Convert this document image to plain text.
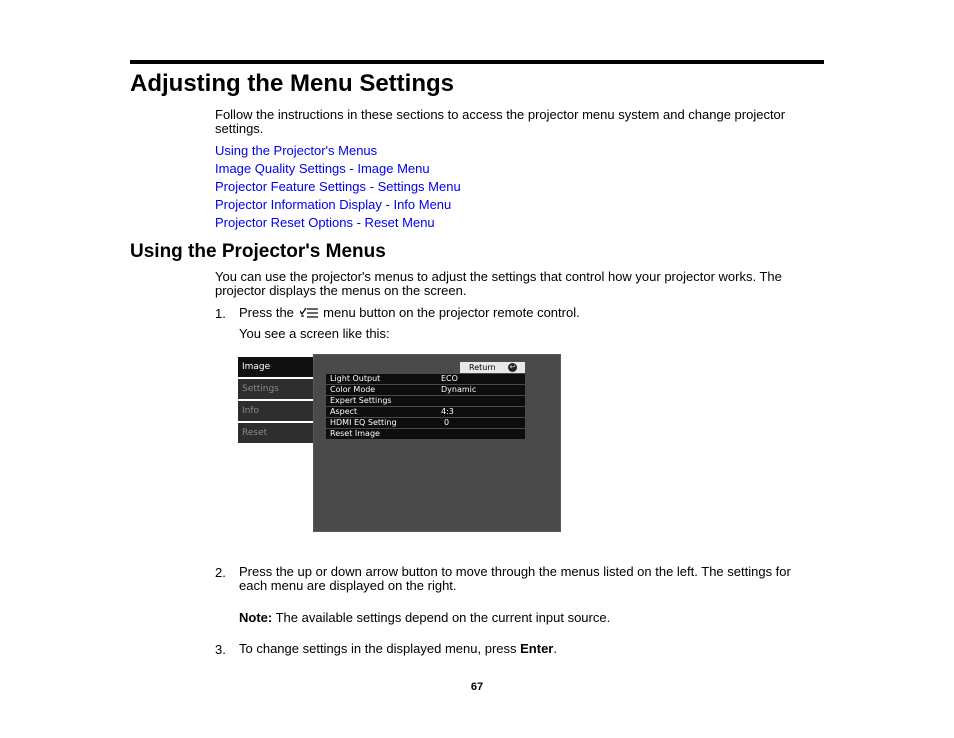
Adjusting the Menu Settings
Follow the instructions in these sections to access the projector menu system and change projector settings.
Using the Projector's Menus
Image Quality Settings - Image Menu
Projector Feature Settings - Settings Menu
Projector Information Display - Info Menu
Projector Reset Options - Reset Menu
Using the Projector's Menus
You can use the projector's menus to adjust the settings that control how your projector works. The projector displays the menus on the screen.
1. Press the menu button on the projector remote control.
You see a screen like this:
Image
Settings
Info
Reset
Return ↩
Light Output	ECO
Color Mode	Dynamic
Expert Settings
Aspect	4:3
HDMI EQ Setting	0
Reset Image
2. Press the up or down arrow button to move through the menus listed on the left. The settings for each menu are displayed on the right.
Note: The available settings depend on the current input source.
3. To change settings in the displayed menu, press Enter.
67
